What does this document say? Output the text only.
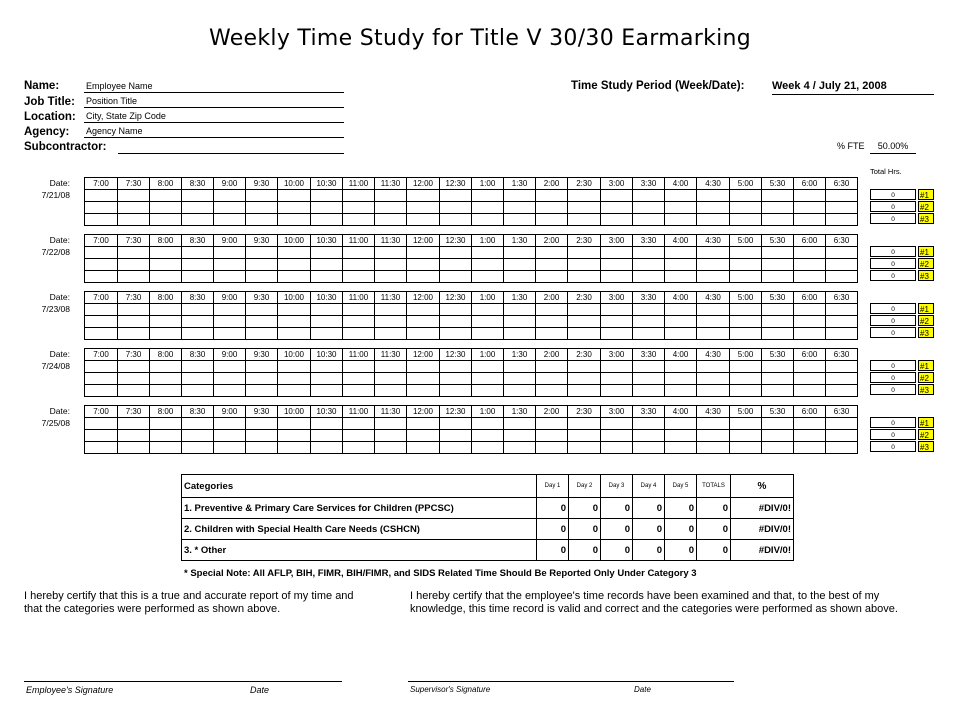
Weekly Time Study for Title V 30/30 Earmarking
Name:	Employee Name
Job Title: Position Title
Location: City, State Zip Code
Agency: Agency Name
Subcontractor:
Time Study Period (Week/Date):	Week 4 / July 21, 2008
% FTE	50.00%
Total Hrs.
Date:
7/21/08
7:00	7:30	8:00	8:30	9:00	9:30	10:00	10:30	11:00	11:30	12:00	12:30	1:00	1:30	2:00	2:30	3:00	3:30	4:00	4:30	5:00	5:30	6:00	6:30

0	#1
0	#2
0	#3
Date:
7/22/08
7:00	7:30	8:00	8:30	9:00	9:30	10:00	10:30	11:00	11:30	12:00	12:30	1:00	1:30	2:00	2:30	3:00	3:30	4:00	4:30	5:00	5:30	6:00	6:30

0	#1
0	#2
0	#3
Date:
7/23/08
7:00	7:30	8:00	8:30	9:00	9:30	10:00	10:30	11:00	11:30	12:00	12:30	1:00	1:30	2:00	2:30	3:00	3:30	4:00	4:30	5:00	5:30	6:00	6:30

0	#1
0	#2
0	#3
Date:
7/24/08
7:00	7:30	8:00	8:30	9:00	9:30	10:00	10:30	11:00	11:30	12:00	12:30	1:00	1:30	2:00	2:30	3:00	3:30	4:00	4:30	5:00	5:30	6:00	6:30

0	#1
0	#2
0	#3
Date:
7/25/08
7:00	7:30	8:00	8:30	9:00	9:30	10:00	10:30	11:00	11:30	12:00	12:30	1:00	1:30	2:00	2:30	3:00	3:30	4:00	4:30	5:00	5:30	6:00	6:30

0	#1
0	#2
0	#3
Categories	Day 1	Day 2	Day 3	Day 4	Day 5	TOTALS	%
1. Preventive & Primary Care Services for Children (PPCSC)	0	0	0	0	0	0	#DIV/0!
2. Children with Special Health Care Needs (CSHCN)	0	0	0	0	0	0	#DIV/0!
3. * Other	0	0	0	0	0	0	#DIV/0!
* Special Note: All AFLP, BIH, FIMR, BIH/FIMR, and SIDS Related Time Should Be Reported Only Under Category 3
I hereby certify that this is a true and accurate report of my time and that the categories were performed as shown above.
I hereby certify that the employee's time records have been examined and that, to the best of my knowledge, this time record is valid and correct and the categories were performed as shown above.
Employee's Signature	Date	Supervisor's Signature	Date
